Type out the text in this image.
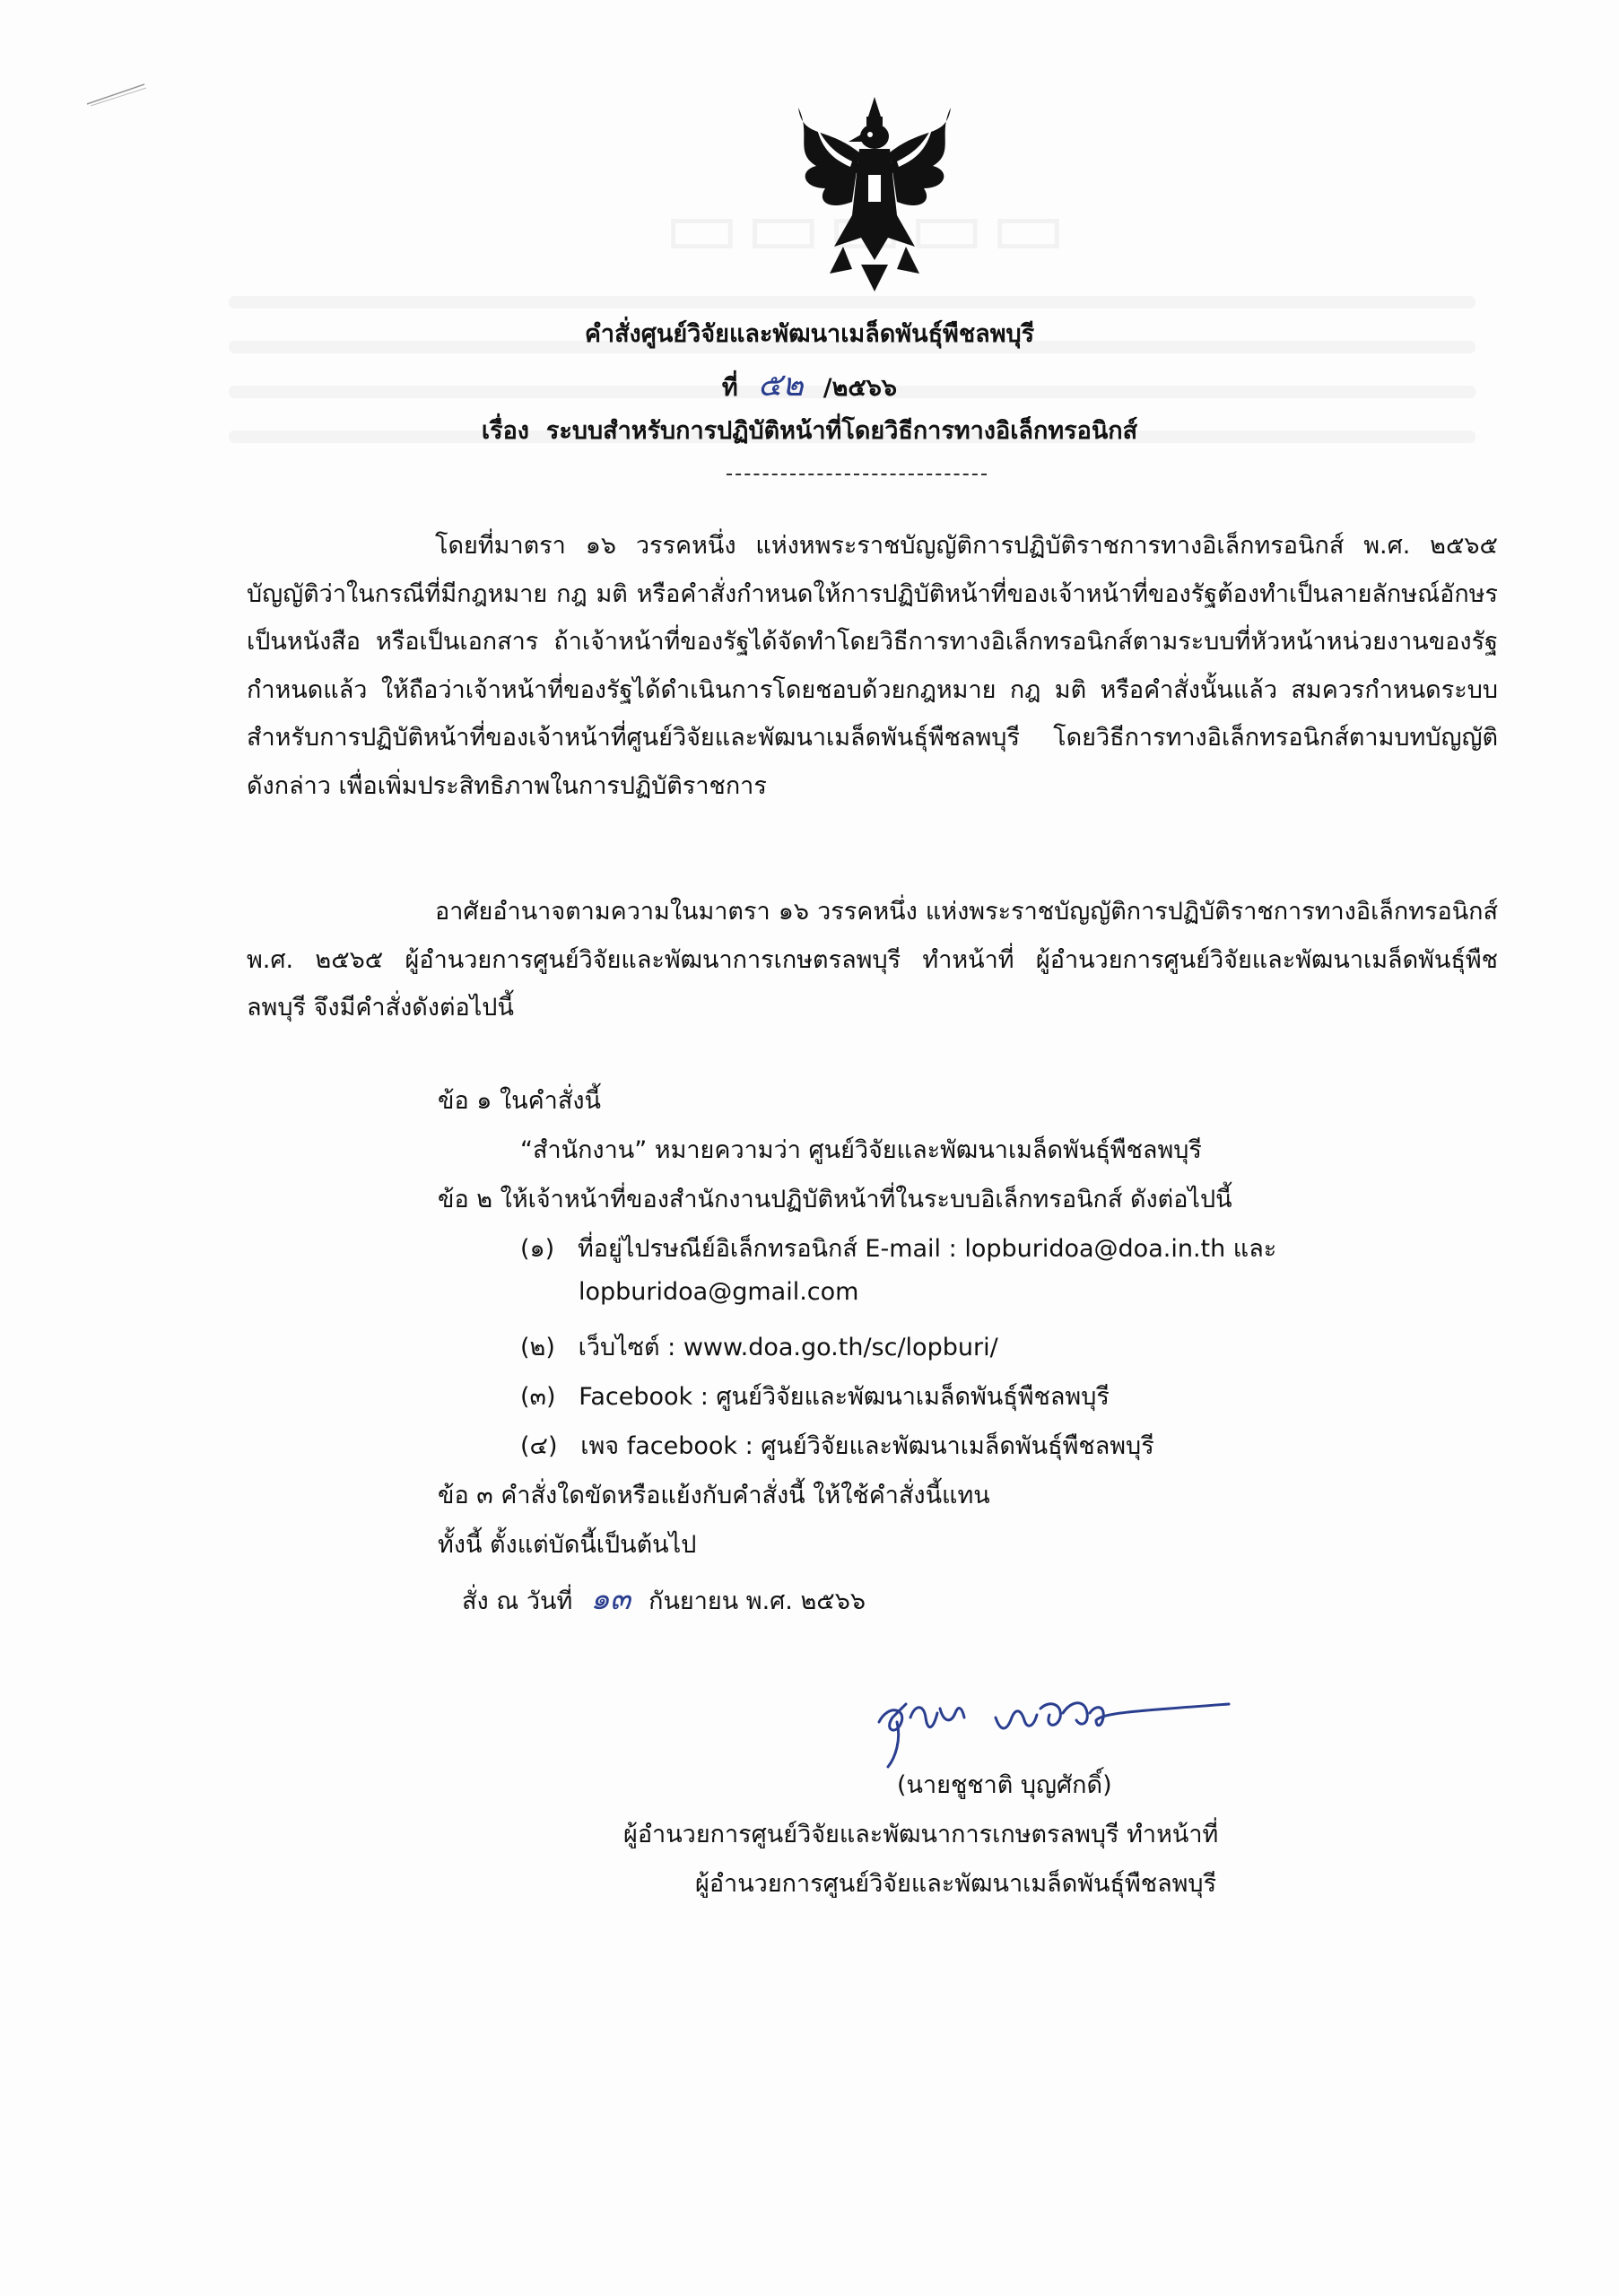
คำสั่งศูนย์วิจัยและพัฒนาเมล็ดพันธุ์พืชลพบุรี
ที่ ๕๒ /๒๕๖๖
เรื่อง ระบบสำหรับการปฏิบัติหน้าที่โดยวิธีการทางอิเล็กทรอนิกส์
โดยที่มาตรา ๑๖ วรรคหนึ่ง แห่งหพระราชบัญญัติการปฏิบัติราชการทางอิเล็กทรอนิกส์ พ.ศ. ๒๕๖๕ บัญญัติว่าในกรณีที่มีกฎหมาย กฎ มติ หรือคำสั่งกำหนดให้การปฏิบัติหน้าที่ของเจ้าหน้าที่ของรัฐต้องทำเป็นลายลักษณ์อักษร เป็นหนังสือ หรือเป็นเอกสาร ถ้าเจ้าหน้าที่ของรัฐได้จัดทำโดยวิธีการทางอิเล็กทรอนิกส์ตามระบบที่หัวหน้าหน่วยงานของรัฐกำหนดแล้ว ให้ถือว่าเจ้าหน้าที่ของรัฐได้ดำเนินการโดยชอบด้วยกฎหมาย กฎ มติ หรือคำสั่งนั้นแล้ว สมควรกำหนดระบบสำหรับการปฏิบัติหน้าที่ของเจ้าหน้าที่ศูนย์วิจัยและพัฒนาเมล็ดพันธุ์พืชลพบุรี โดยวิธีการทางอิเล็กทรอนิกส์ตามบทบัญญัติดังกล่าว เพื่อเพิ่มประสิทธิภาพในการปฏิบัติราชการ
อาศัยอำนาจตามความในมาตรา ๑๖ วรรคหนึ่ง แห่งพระราชบัญญัติการปฏิบัติราชการทางอิเล็กทรอนิกส์ พ.ศ. ๒๕๖๕ ผู้อำนวยการศูนย์วิจัยและพัฒนาการเกษตรลพบุรี ทำหน้าที่ ผู้อำนวยการศูนย์วิจัยและพัฒนาเมล็ดพันธุ์พืชลพบุรี จึงมีคำสั่งดังต่อไปนี้
ข้อ ๑ ในคำสั่งนี้
“สำนักงาน” หมายความว่า ศูนย์วิจัยและพัฒนาเมล็ดพันธุ์พืชลพบุรี
ข้อ ๒ ให้เจ้าหน้าที่ของสำนักงานปฏิบัติหน้าที่ในระบบอิเล็กทรอนิกส์ ดังต่อไปนี้
(๑) ที่อยู่ไปรษณีย์อิเล็กทรอนิกส์ E-mail : lopburidoa@doa.in.th และ
lopburidoa@gmail.com
(๒) เว็บไซต์ : www.doa.go.th/sc/lopburi/
(๓) Facebook : ศูนย์วิจัยและพัฒนาเมล็ดพันธุ์พืชลพบุรี
(๔) เพจ facebook : ศูนย์วิจัยและพัฒนาเมล็ดพันธุ์พืชลพบุรี
ข้อ ๓ คำสั่งใดขัดหรือแย้งกับคำสั่งนี้ ให้ใช้คำสั่งนี้แทน
ทั้งนี้ ตั้งแต่บัดนี้เป็นต้นไป
สั่ง ณ วันที่ ๑๓ กันยายน พ.ศ. ๒๕๖๖
(นายชูชาติ บุญศักดิ์)
ผู้อำนวยการศูนย์วิจัยและพัฒนาการเกษตรลพบุรี ทำหน้าที่
ผู้อำนวยการศูนย์วิจัยและพัฒนาเมล็ดพันธุ์พืชลพบุรี
